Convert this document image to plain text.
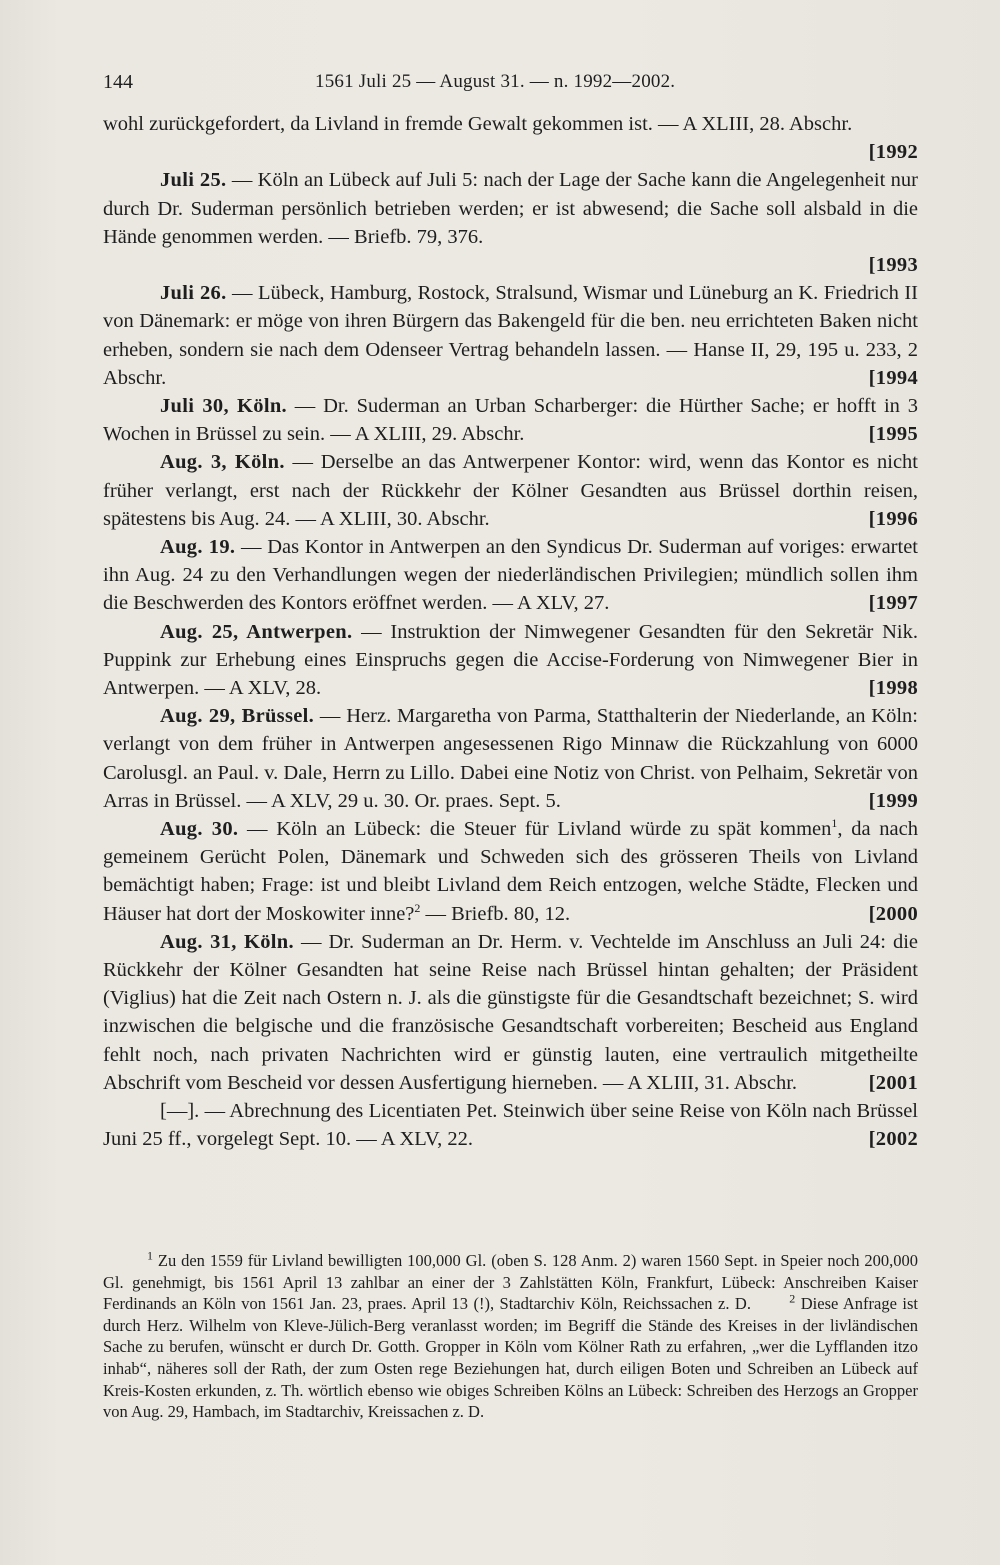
144	1561 Juli 25 — August 31. — n. 1992—2002.

wohl zurückgefordert, da Livland in fremde Gewalt gekommen ist. — A XLIII, 28. Abschr.

[1992

Juli 25. — Köln an Lübeck auf Juli 5: nach der Lage der Sache kann die Angelegenheit nur durch Dr. Suderman persönlich betrieben werden; er ist abwesend; die Sache soll alsbald in die Hände genommen werden. — Briefb. 79, 376.

[1993

Juli 26. — Lübeck, Hamburg, Rostock, Stralsund, Wismar und Lüneburg an K. Friedrich II von Dänemark: er möge von ihren Bürgern das Bakengeld für die ben. neu errichteten Baken nicht erheben, sondern sie nach dem Odenseer Vertrag behandeln lassen. — Hanse II, 29, 195 u. 233, 2 Abschr.	[1994

Juli 30, Köln. — Dr. Suderman an Urban Scharberger: die Hürther Sache; er hofft in 3 Wochen in Brüssel zu sein. — A XLIII, 29. Abschr.	[1995

Aug. 3, Köln. — Derselbe an das Antwerpener Kontor: wird, wenn das Kontor es nicht früher verlangt, erst nach der Rückkehr der Kölner Gesandten aus Brüssel dorthin reisen, spätestens bis Aug. 24. — A XLIII, 30. Abschr.	[1996

Aug. 19. — Das Kontor in Antwerpen an den Syndicus Dr. Suderman auf voriges: erwartet ihn Aug. 24 zu den Verhandlungen wegen der niederländischen Privilegien; mündlich sollen ihm die Beschwerden des Kontors eröffnet werden. — A XLV, 27.	[1997

Aug. 25, Antwerpen. — Instruktion der Nimwegener Gesandten für den Sekretär Nik. Puppink zur Erhebung eines Einspruchs gegen die Accise-Forderung von Nimwegener Bier in Antwerpen. — A XLV, 28.	[1998

Aug. 29, Brüssel. — Herz. Margaretha von Parma, Statthalterin der Niederlande, an Köln: verlangt von dem früher in Antwerpen angesessenen Rigo Minnaw die Rückzahlung von 6000 Carolusgl. an Paul. v. Dale, Herrn zu Lillo. Dabei eine Notiz von Christ. von Pelhaim, Sekretär von Arras in Brüssel. — A XLV, 29 u. 30. Or. praes. Sept. 5.	[1999

Aug. 30. — Köln an Lübeck: die Steuer für Livland würde zu spät kommen$^1$, da nach gemeinem Gerücht Polen, Dänemark und Schweden sich des grösseren Theils von Livland bemächtigt haben; Frage: ist und bleibt Livland dem Reich entzogen, welche Städte, Flecken und Häuser hat dort der Moskowiter inne?$^2$ — Briefb. 80, 12.	[2000

Aug. 31, Köln. — Dr. Suderman an Dr. Herm. v. Vechtelde im Anschluss an Juli 24: die Rückkehr der Kölner Gesandten hat seine Reise nach Brüssel hintan gehalten; der Präsident (Viglius) hat die Zeit nach Ostern n. J. als die günstigste für die Gesandtschaft bezeichnet; S. wird inzwischen die belgische und die französische Gesandtschaft vorbereiten; Bescheid aus England fehlt noch, nach privaten Nachrichten wird er günstig lauten, eine vertraulich mitgetheilte Abschrift vom Bescheid vor dessen Ausfertigung hierneben. — A XLIII, 31. Abschr.	[2001

[—]. — Abrechnung des Licentiaten Pet. Steinwich über seine Reise von Köln nach Brüssel Juni 25 ff., vorgelegt Sept. 10. — A XLV, 22.	[2002

$^1$ Zu den 1559 für Livland bewilligten 100,000 Gl. (oben S. 128 Anm. 2) waren 1560 Sept. in Speier noch 200,000 Gl. genehmigt, bis 1561 April 13 zahlbar an einer der 3 Zahlstätten Köln, Frankfurt, Lübeck: Anschreiben Kaiser Ferdinands an Köln von 1561 Jan. 23, praes. April 13 (!), Stadtarchiv Köln, Reichssachen z. D.	$^2$ Diese Anfrage ist durch Herz. Wilhelm von Kleve-Jülich-Berg veranlasst worden; im Begriff die Stände des Kreises in der livländischen Sache zu berufen, wünscht er durch Dr. Gotth. Gropper in Köln vom Kölner Rath zu erfahren, „wer die Lyfflanden itzo inhab“, näheres soll der Rath, der zum Osten rege Beziehungen hat, durch eiligen Boten und Schreiben an Lübeck auf Kreis-Kosten erkunden, z. Th. wörtlich ebenso wie obiges Schreiben Kölns an Lübeck: Schreiben des Herzogs an Gropper von Aug. 29, Hambach, im Stadtarchiv, Kreissachen z. D.
